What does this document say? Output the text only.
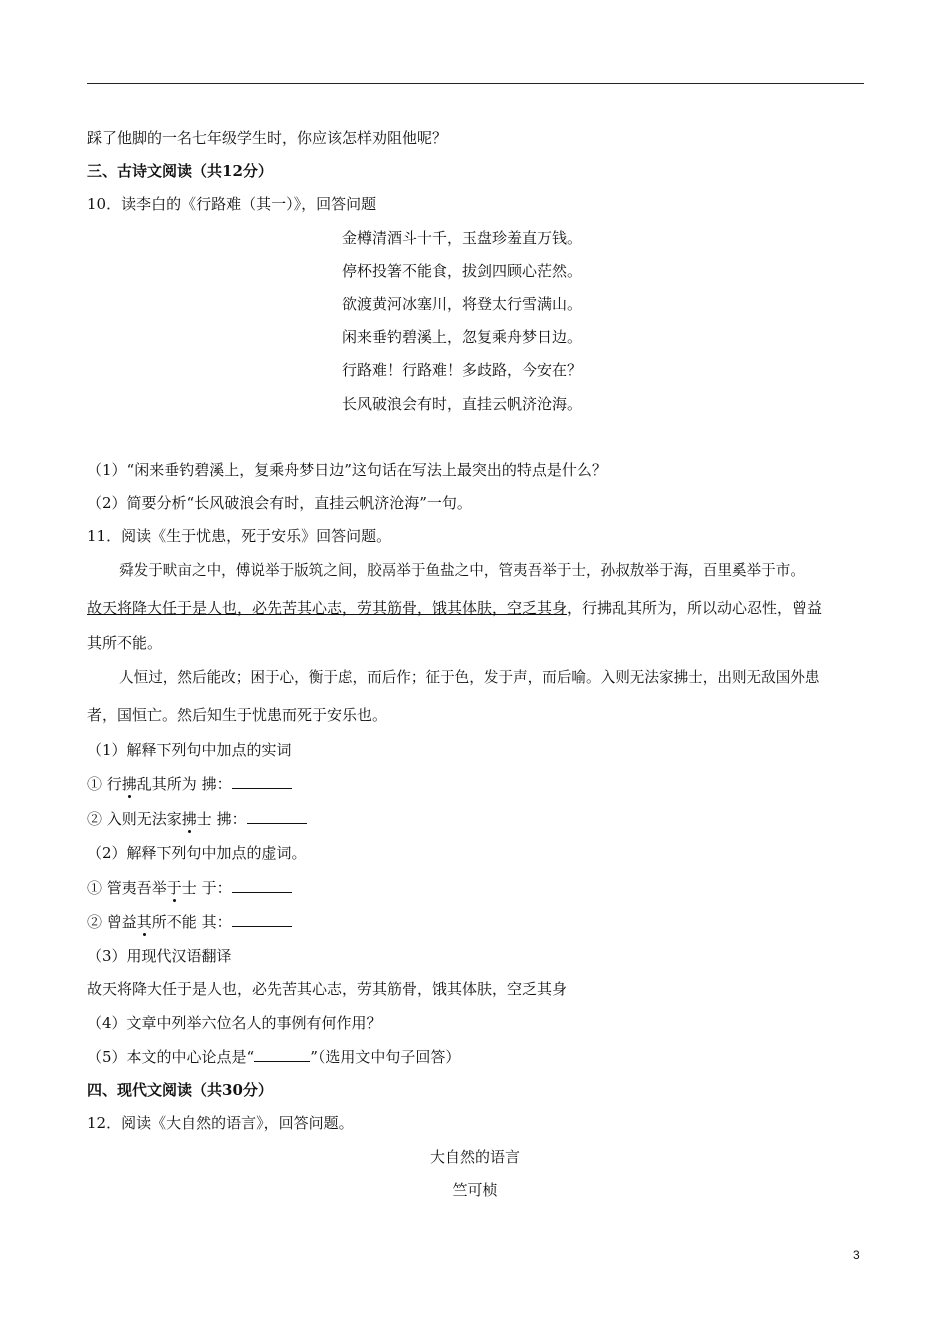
踩了他脚的一名七年级学生时，你应该怎样劝阻他呢？
三、古诗文阅读（共12分）
10．读李白的《行路难（其一）》，回答问题
金樽清酒斗十千，玉盘珍羞直万钱。
停杯投箸不能食，拔剑四顾心茫然。
欲渡黄河冰塞川，将登太行雪满山。
闲来垂钓碧溪上，忽复乘舟梦日边。
行路难！行路难！多歧路，今安在？
长风破浪会有时，直挂云帆济沧海。
（1）“闲来垂钓碧溪上，复乘舟梦日边”这句话在写法上最突出的特点是什么？
（2）简要分析“长风破浪会有时，直挂云帆济沧海”一句。
11．阅读《生于忧患，死于安乐》回答问题。
舜发于畎亩之中，傅说举于版筑之间，胶鬲举于鱼盐之中，管夷吾举于士，孙叔敖举于海，百里奚举于市。
故天将降大任于是人也，必先苦其心志，劳其筋骨，饿其体肤，空乏其身，行拂乱其所为，所以动心忍性，曾益
其所不能。
人恒过，然后能改；困于心，衡于虑，而后作；征于色，发于声，而后喻。入则无法家拂士，出则无敌国外患
者，国恒亡。然后知生于忧患而死于安乐也。
（1）解释下列句中加点的实词
① 行拂乱其所为 拂：
② 入则无法家拂士 拂：
（2）解释下列句中加点的虚词。
① 管夷吾举于士 于：
② 曾益其所不能 其：
（3）用现代汉语翻译
故天将降大任于是人也，必先苦其心志，劳其筋骨，饿其体肤，空乏其身
（4）文章中列举六位名人的事例有何作用？
（5）本文的中心论点是“	”（选用文中句子回答）
四、现代文阅读（共30分）
12．阅读《大自然的语言》，回答问题。
大自然的语言
竺可桢
3
